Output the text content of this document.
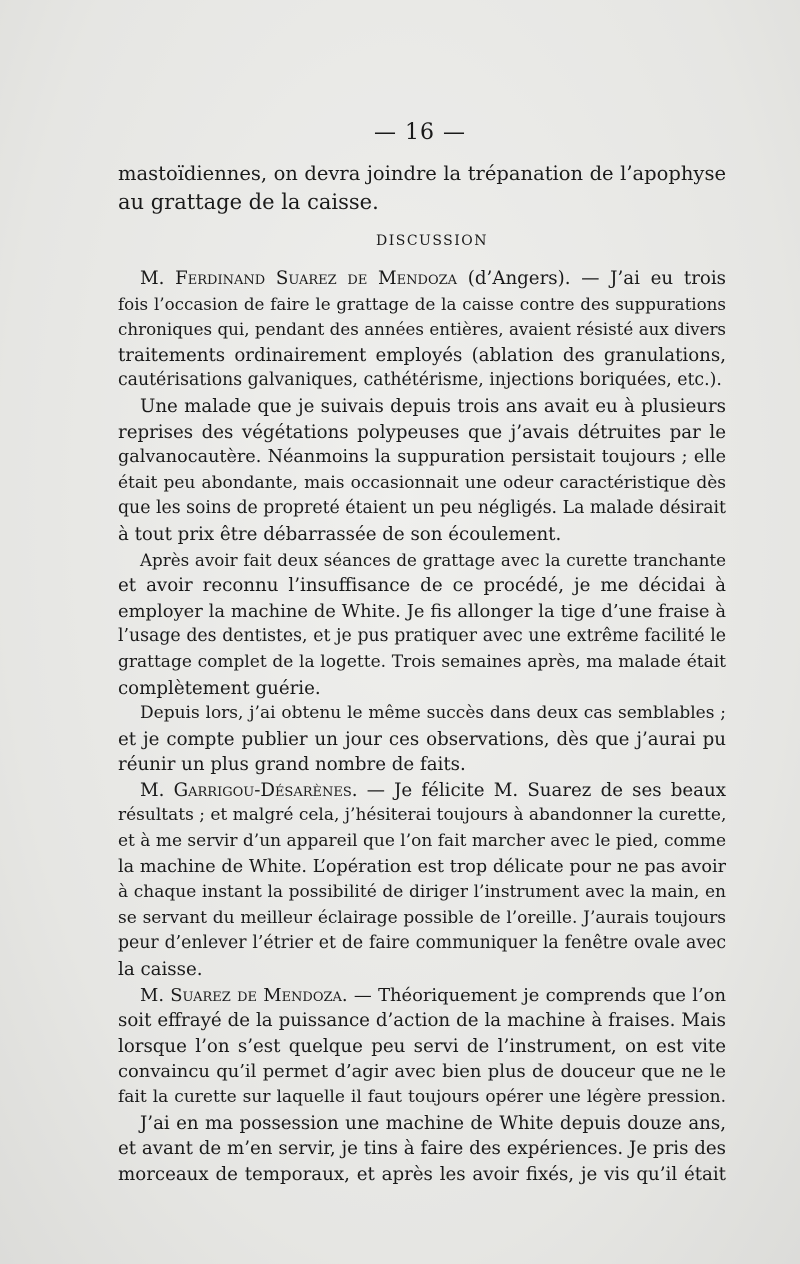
— 16 —
mastoïdiennes, on devra joindre la trépanation de l’apophyse
au grattage de la caisse.
DISCUSSION
M. Ferdinand Suarez de Mendoza (d’Angers). — J’ai eu trois
fois l’occasion de faire le grattage de la caisse contre des suppurations
chroniques qui, pendant des années entières, avaient résisté aux divers
traitements ordinairement employés (ablation des granulations,
cautérisations galvaniques, cathétérisme, injections boriquées, etc.).
Une malade que je suivais depuis trois ans avait eu à plusieurs
reprises des végétations polypeuses que j’avais détruites par le
galvanocautère. Néanmoins la suppuration persistait toujours ; elle
était peu abondante, mais occasionnait une odeur caractéristique dès
que les soins de propreté étaient un peu négligés. La malade désirait
à tout prix être débarrassée de son écoulement.
Après avoir fait deux séances de grattage avec la curette tranchante
et avoir reconnu l’insuffisance de ce procédé, je me décidai à
employer la machine de White. Je fis allonger la tige d’une fraise à
l’usage des dentistes, et je pus pratiquer avec une extrême facilité le
grattage complet de la logette. Trois semaines après, ma malade était
complètement guérie.
Depuis lors, j’ai obtenu le même succès dans deux cas semblables ;
et je compte publier un jour ces observations, dès que j’aurai pu
réunir un plus grand nombre de faits.
M. Garrigou-Désarènes. — Je félicite M. Suarez de ses beaux
résultats ; et malgré cela, j’hésiterai toujours à abandonner la curette,
et à me servir d’un appareil que l’on fait marcher avec le pied, comme
la machine de White. L’opération est trop délicate pour ne pas avoir
à chaque instant la possibilité de diriger l’instrument avec la main, en
se servant du meilleur éclairage possible de l’oreille. J’aurais toujours
peur d’enlever l’étrier et de faire communiquer la fenêtre ovale avec
la caisse.
M. Suarez de Mendoza. — Théoriquement je comprends que l’on
soit effrayé de la puissance d’action de la machine à fraises. Mais
lorsque l’on s’est quelque peu servi de l’instrument, on est vite
convaincu qu’il permet d’agir avec bien plus de douceur que ne le
fait la curette sur laquelle il faut toujours opérer une légère pression.
J’ai en ma possession une machine de White depuis douze ans,
et avant de m’en servir, je tins à faire des expériences. Je pris des
morceaux de temporaux, et après les avoir fixés, je vis qu’il était
